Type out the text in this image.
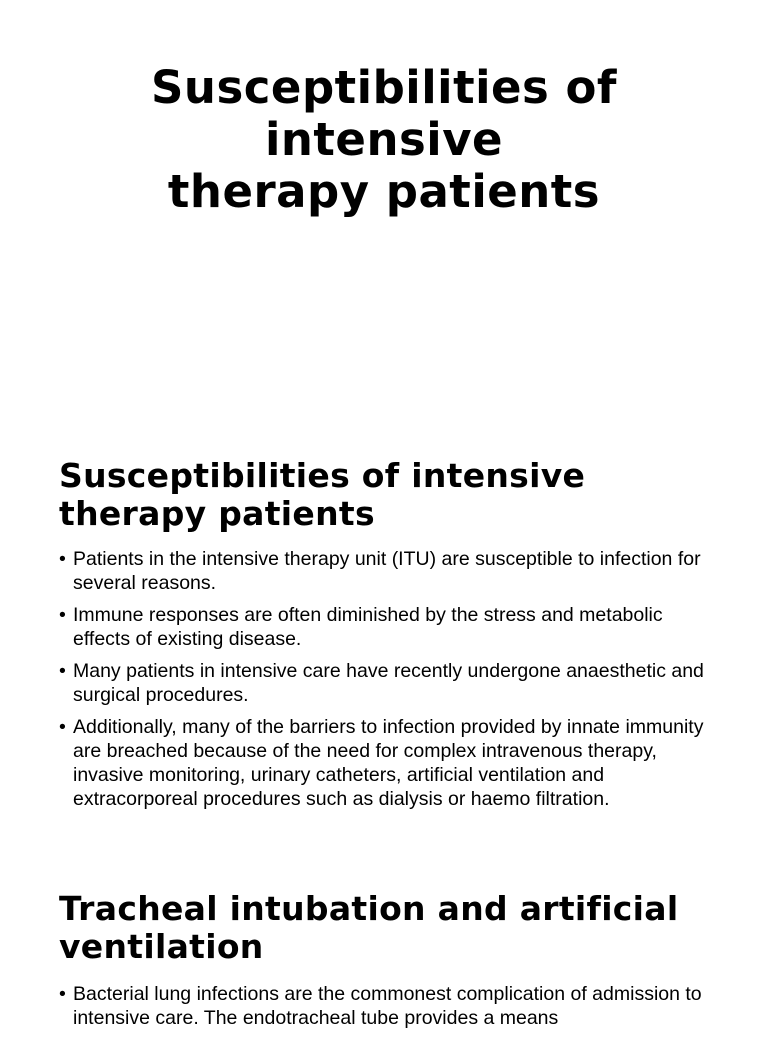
Susceptibilities of
intensive
therapy patients
Susceptibilities of intensive
therapy patients
• Patients in the intensive therapy unit (ITU) are susceptible to infection for several reasons.
• Immune responses are often diminished by the stress and metabolic effects of existing disease.
• Many patients in intensive care have recently undergone anaesthetic and surgical procedures.
• Additionally, many of the barriers to infection provided by innate immunity are breached because of the need for complex intravenous therapy, invasive monitoring, urinary catheters, artificial ventilation and extracorporeal procedures such as dialysis or haemo filtration.
Tracheal intubation and artificial
ventilation
• Bacterial lung infections are the commonest complication of admission to intensive care. The endotracheal tube provides a means
